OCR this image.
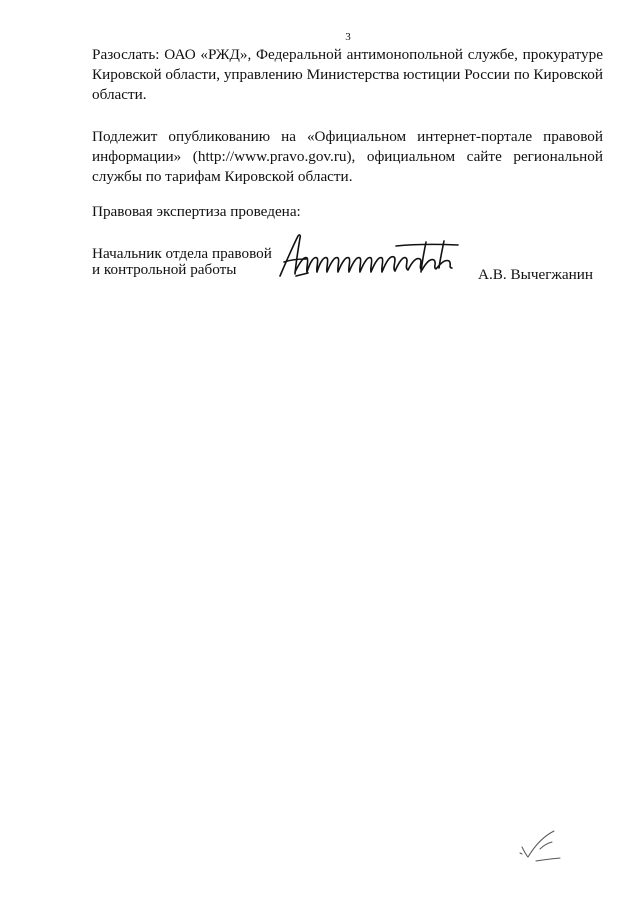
3

Разослать: ОАО «РЖД», Федеральной антимонопольной службе, прокуратуре Кировской области, управлению Министерства юстиции России по Кировской области.

Подлежит опубликованию на «Официальном интернет-портале правовой информации» (http://www.pravo.gov.ru), официальном сайте региональной службы по тарифам Кировской области.

Правовая экспертиза проведена:

Начальник отдела правовой
и контрольной работы	А.В. Вычегжанин
